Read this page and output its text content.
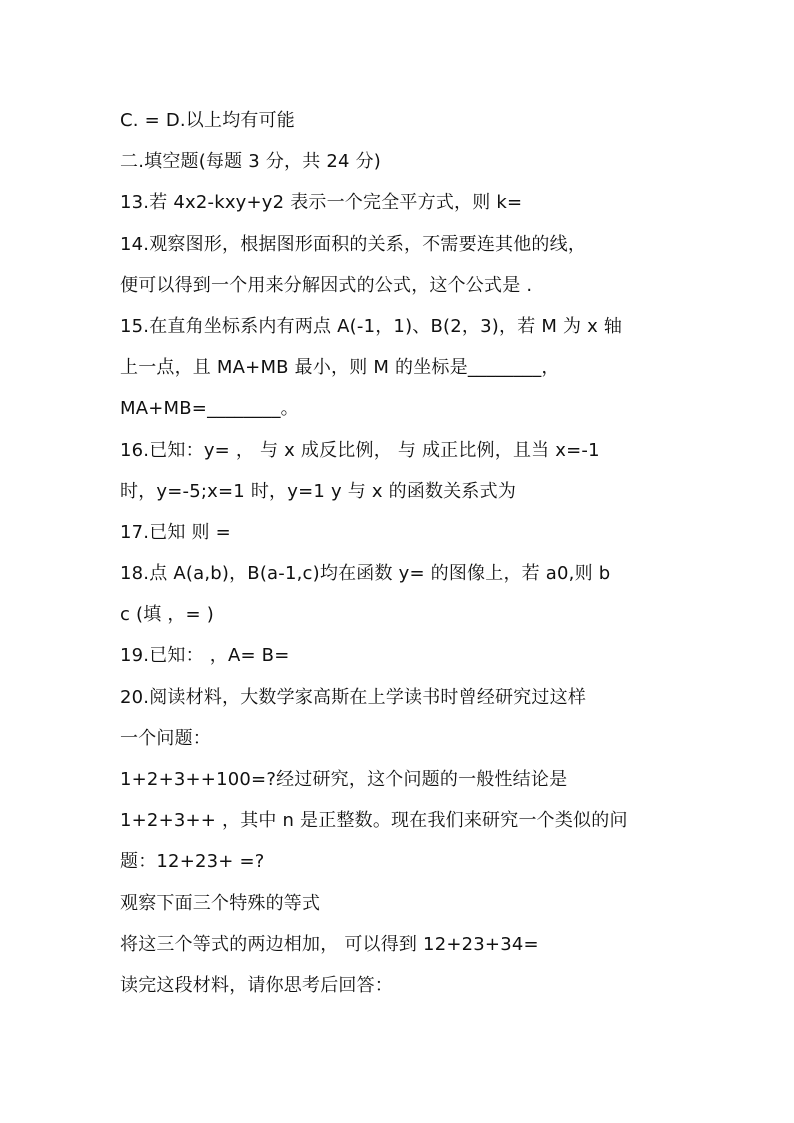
C. = D.以上均有可能
二.填空题(每题 3 分，共 24 分)
13.若 4x2-kxy+y2 表示一个完全平方式，则 k=
14.观察图形，根据图形面积的关系，不需要连其他的线，
便可以得到一个用来分解因式的公式，这个公式是 .
15.在直角坐标系内有两点 A(-1，1)、B(2，3)，若 M 为 x 轴
上一点，且 MA+MB 最小，则 M 的坐标是________，
MA+MB=________。
16.已知：y= ， 与 x 成反比例， 与 成正比例，且当 x=-1
时，y=-5;x=1 时，y=1 y 与 x 的函数关系式为
17.已知 则 =
18.点 A(a,b)，B(a-1,c)均在函数 y= 的图像上，若 a0,则 b
c (填 ，= )
19.已知： ，A= B=
20.阅读材料，大数学家高斯在上学读书时曾经研究过这样
一个问题：
1+2+3++100=?经过研究，这个问题的一般性结论是
1+2+3++ ，其中 n 是正整数。现在我们来研究一个类似的问
题：12+23+ =?
观察下面三个特殊的等式
将这三个等式的两边相加， 可以得到 12+23+34=
读完这段材料，请你思考后回答：
